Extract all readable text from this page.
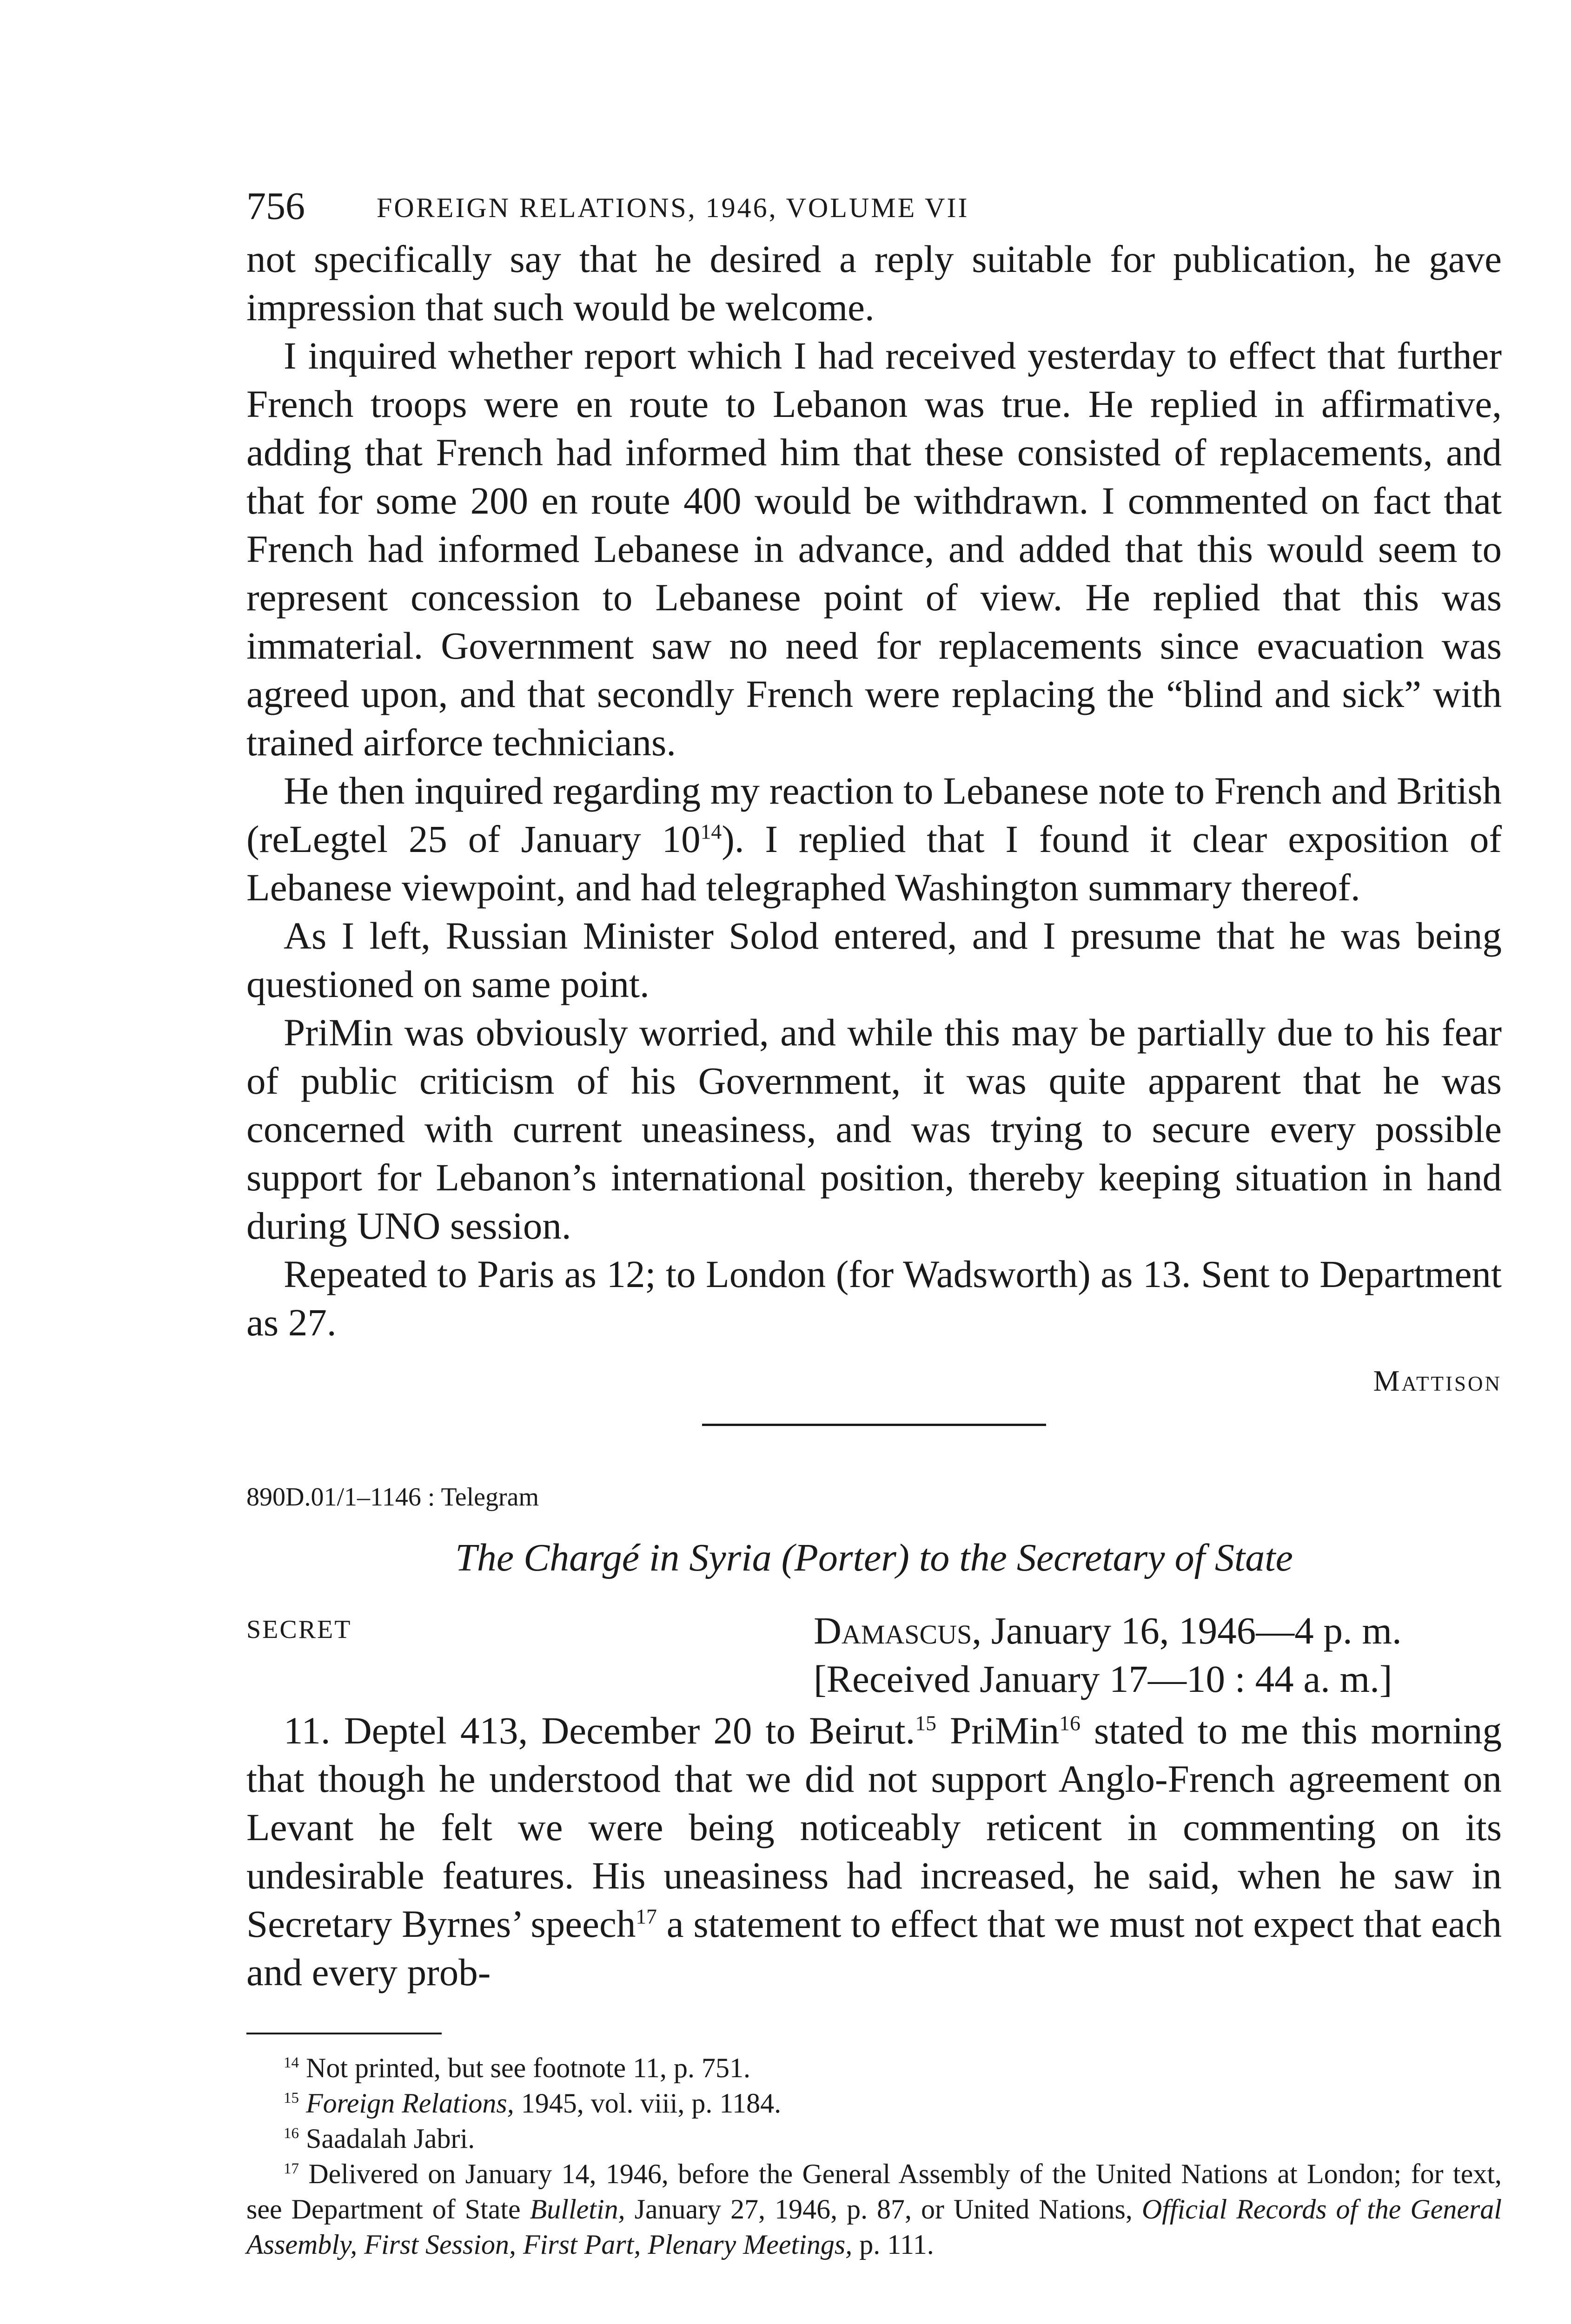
756	FOREIGN RELATIONS, 1946, VOLUME VII

not specifically say that he desired a reply suitable for publication, he gave impression that such would be welcome.

I inquired whether report which I had received yesterday to effect that further French troops were en route to Lebanon was true. He replied in affirmative, adding that French had informed him that these consisted of replacements, and that for some 200 en route 400 would be withdrawn. I commented on fact that French had informed Lebanese in advance, and added that this would seem to represent concession to Lebanese point of view. He replied that this was immaterial. Government saw no need for replacements since evacuation was agreed upon, and that secondly French were replacing the “blind and sick” with trained airforce technicians.

He then inquired regarding my reaction to Lebanese note to French and British (reLegtel 25 of January $10^{14}$). I replied that I found it clear exposition of Lebanese viewpoint, and had telegraphed Washington summary thereof.

As I left, Russian Minister Solod entered, and I presume that he was being questioned on same point.

PriMin was obviously worried, and while this may be partially due to his fear of public criticism of his Government, it was quite apparent that he was concerned with current uneasiness, and was trying to secure every possible support for Lebanon’s international position, thereby keeping situation in hand during UNO session.

Repeated to Paris as 12; to London (for Wadsworth) as 13. Sent to Department as 27.

Mattison
890D.01/1–1146 : Telegram
The Chargé in Syria (Porter) to the Secretary of State
SECRET	Damascus, January 16, 1946—4 p. m.
[Received January 17—10 : 44 a. m.]

11. Deptel 413, December 20 to Beirut.$^{15}$ PriMin$^{16}$ stated to me this morning that though he understood that we did not support Anglo-French agreement on Levant he felt we were being noticeably reticent in commenting on its undesirable features. His uneasiness had increased, he said, when he saw in Secretary Byrnes’ speech$^{17}$ a statement to effect that we must not expect that each and every prob-

$^{14}$ Not printed, but see footnote 11, p. 751.

$^{15}$ Foreign Relations, 1945, vol. viii, p. 1184.

$^{16}$ Saadalah Jabri.

$^{17}$ Delivered on January 14, 1946, before the General Assembly of the United Nations at London; for text, see Department of State Bulletin, January 27, 1946, p. 87, or United Nations, Official Records of the General Assembly, First Session, First Part, Plenary Meetings, p. 111.
